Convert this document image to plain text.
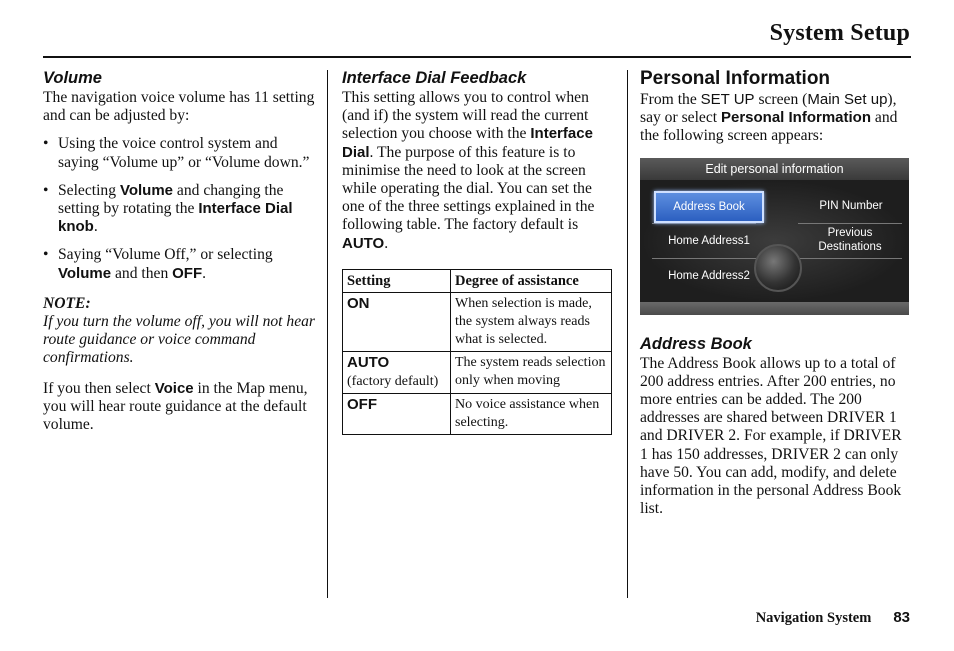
System Setup
Volume

The navigation voice volume has 11 setting and can be adjusted by:

• Using the voice control system and saying “Volume up” or “Volume down.”
• Selecting Volume and changing the setting by rotating the Interface Dial knob.
• Saying “Volume Off,” or selecting Volume and then OFF.

NOTE:

If you turn the volume off, you will not hear route guidance or voice command confirmations.

If you then select Voice in the Map menu, you will hear route guidance at the default volume.

Interface Dial Feedback

This setting allows you to control when (and if) the system will read the current selection you choose with the Interface Dial. The purpose of this feature is to minimise the need to look at the screen while operating the dial. You can set the one of the three settings explained in the following table. The factory default is AUTO.

Setting	Degree of assistance
ON	When selection is made, the system always reads what is selected.
AUTO
(factory default)	The system reads selection only when moving
OFF	No voice assistance when selecting.
Personal Information

From the SET UP screen (Main Set up), say or select Personal Information and the following screen appears:

Edit personal information
Address Book	PIN Number
Home Address1
Previous
Destinations
Home Address2
Address Book

The Address Book allows up to a total of 200 address entries. After 200 entries, no more entries can be added. The 200 addresses are shared between DRIVER 1 and DRIVER 2. For example, if DRIVER 1 has 150 addresses, DRIVER 2 can only have 50. You can add, modify, and delete information in the personal Address Book list.

Navigation System 83
